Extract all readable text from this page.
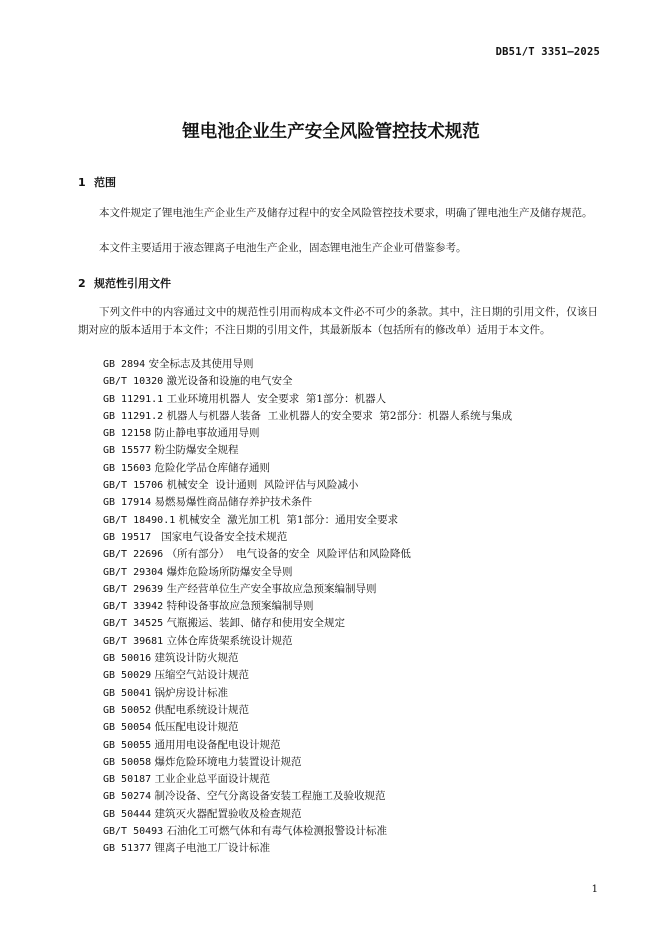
DB51/T 3351—2025
锂电池企业生产安全风险管控技术规范
1 范围
本文件规定了锂电池生产企业生产及储存过程中的安全风险管控技术要求，明确了锂电池生产及储存规范。
本文件主要适用于液态锂离子电池生产企业，固态锂电池生产企业可借鉴参考。
2 规范性引用文件
下列文件中的内容通过文中的规范性引用而构成本文件必不可少的条款。其中，注日期的引用文件，仅该日期对应的版本适用于本文件；不注日期的引用文件，其最新版本（包括所有的修改单）适用于本文件。
GB 2894 安全标志及其使用导则
GB/T 10320 激光设备和设施的电气安全
GB 11291.1 工业环境用机器人  安全要求  第1部分：机器人
GB 11291.2 机器人与机器人装备  工业机器人的安全要求  第2部分：机器人系统与集成
GB 12158 防止静电事故通用导则
GB 15577 粉尘防爆安全规程
GB 15603 危险化学品仓库储存通则
GB/T 15706 机械安全  设计通则  风险评估与风险减小
GB 17914 易燃易爆性商品储存养护技术条件
GB/T 18490.1 机械安全  激光加工机  第1部分：通用安全要求
GB 19517   国家电气设备安全技术规范
GB/T 22696 （所有部分）  电气设备的安全  风险评估和风险降低
GB/T 29304 爆炸危险场所防爆安全导则
GB/T 29639 生产经营单位生产安全事故应急预案编制导则
GB/T 33942 特种设备事故应急预案编制导则
GB/T 34525 气瓶搬运、装卸、储存和使用安全规定
GB/T 39681 立体仓库货架系统设计规范
GB 50016 建筑设计防火规范
GB 50029 压缩空气站设计规范
GB 50041 锅炉房设计标准
GB 50052 供配电系统设计规范
GB 50054 低压配电设计规范
GB 50055 通用用电设备配电设计规范
GB 50058 爆炸危险环境电力装置设计规范
GB 50187 工业企业总平面设计规范
GB 50274 制冷设备、空气分离设备安装工程施工及验收规范
GB 50444 建筑灭火器配置验收及检查规范
GB/T 50493 石油化工可燃气体和有毒气体检测报警设计标准
GB 51377 锂离子电池工厂设计标准
1
